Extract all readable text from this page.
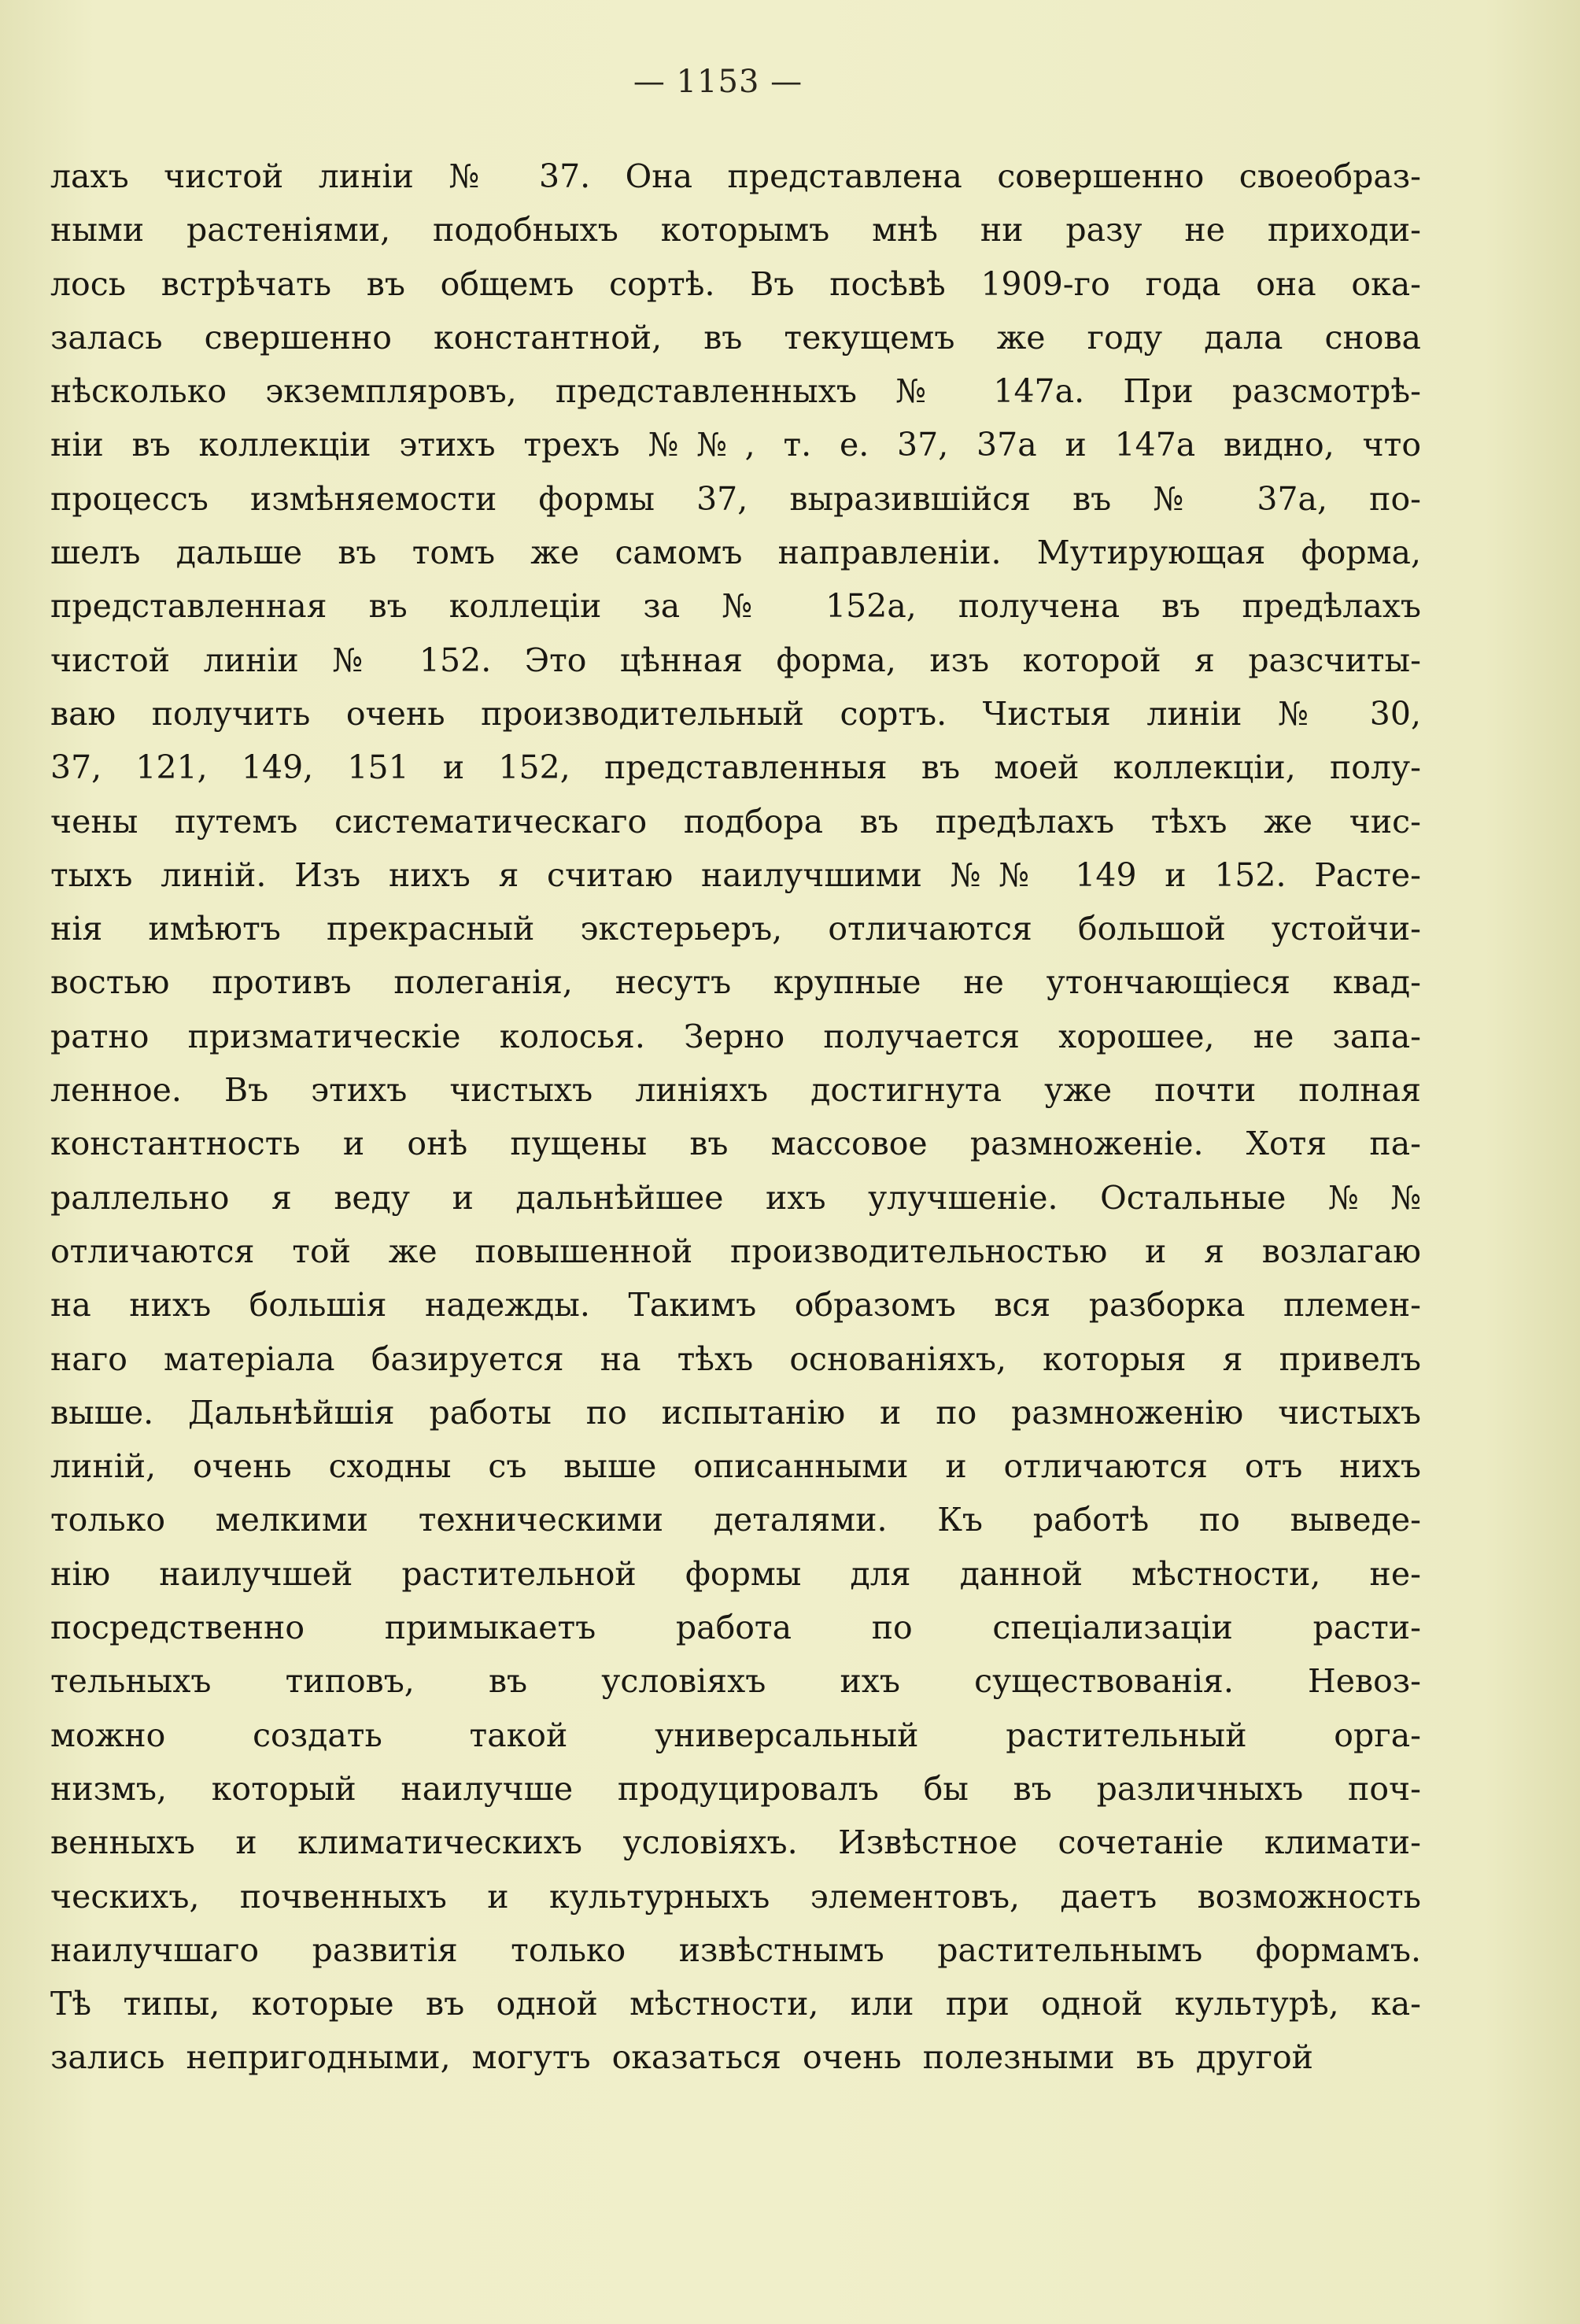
— 1153 —
лахъ чистой линіи № 37. Она представлена совершенно своеобраз-
ными растеніями, подобныхъ которымъ мнѣ ни разу не приходи-
лось встрѣчать въ общемъ сортѣ. Въ посѣвѣ 1909-го года она ока-
залась свершенно константной, въ текущемъ же году дала снова
нѣсколько экземпляровъ, представленныхъ № 147а. При разсмотрѣ-
ніи въ коллекціи этихъ трехъ №№, т. е. 37, 37а и 147а видно, что
процессъ измѣняемости формы 37, выразившійся въ № 37а, по-
шелъ дальше въ томъ же самомъ направленіи. Мутирующая форма,
представленная въ коллеціи за № 152а, получена въ предѣлахъ
чистой линіи № 152. Это цѣнная форма, изъ которой я разсчиты-
ваю получить очень производительный сортъ. Чистыя линіи № 30,
37, 121, 149, 151 и 152, представленныя въ моей коллекціи, полу-
чены путемъ систематическаго подбора въ предѣлахъ тѣхъ же чис-
тыхъ линій. Изъ нихъ я считаю наилучшими №№ 149 и 152. Расте-
нія имѣютъ прекрасный экстерьеръ, отличаются большой устойчи-
востью противъ полеганія, несутъ крупные не утончающіеся квад-
ратно призматическіе колосья. Зерно получается хорошее, не запа-
ленное. Въ этихъ чистыхъ линіяхъ достигнута уже почти полная
константность и онѣ пущены въ массовое размноженіе. Хотя па-
раллельно я веду и дальнѣйшее ихъ улучшеніе. Остальные №№
отличаются той же повышенной производительностью и я возлагаю
на нихъ большія надежды. Такимъ образомъ вся разборка племен-
наго матеріала базируется на тѣхъ основаніяхъ, которыя я привелъ
выше. Дальнѣйшія работы по испытанію и по размноженію чистыхъ
линій, очень сходны съ выше описанными и отличаются отъ нихъ
только мелкими техническими деталями. Къ работѣ по выведе-
нію наилучшей растительной формы для данной мѣстности, не-
посредственно примыкаетъ работа по спеціализаціи расти-
тельныхъ типовъ, въ условіяхъ ихъ существованія. Невоз-
можно создать такой универсальный растительный орга-
низмъ, который наилучше продуцировалъ бы въ различныхъ поч-
венныхъ и климатическихъ условіяхъ. Извѣстное сочетаніе климати-
ческихъ, почвенныхъ и культурныхъ элементовъ, даетъ возможность
наилучшаго развитія только извѣстнымъ растительнымъ формамъ.
Тѣ типы, которые въ одной мѣстности, или при одной культурѣ, ка-
зались непригодными, могутъ оказаться очень полезными въ другой
